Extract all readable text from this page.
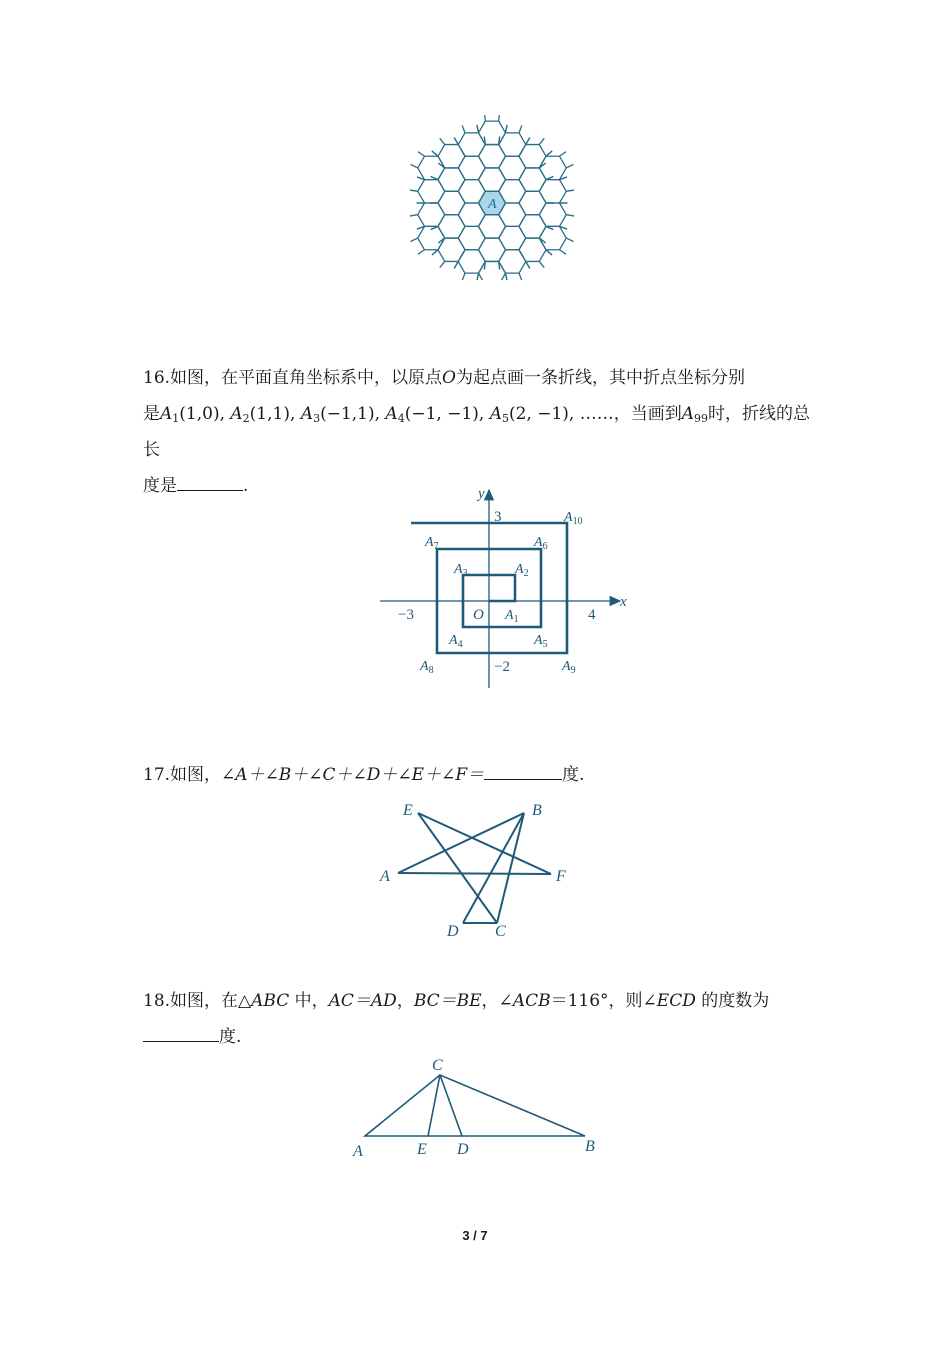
A
16.如图，在平面直角坐标系中，以原点O为起点画一条折线，其中折点坐标分别
是$A_1(1,0)$, $A_2(1,1)$, $A_3(-1,1)$, $A_4(-1$, −1), $A_5(2$, −1), ……，当画到$A_{99}$时，折线的总长
度是	.
x
y
3
−3	4
−2
O $A_1$
$A_2$
$A_3$
$A_4$	$A_5$
$A_6$
$A_7$
$A_8$	$A_9$
$A_{10}$
17.如图，∠A＋∠B＋∠C＋∠D＋∠E＋∠F＝	度.
E	B
A	F
D C
18.如图，在△ABC 中，AC＝AD，BC＝BE，∠ACB＝116°，则∠ECD 的度数为
度.
C
A	E D	B
3 / 7
